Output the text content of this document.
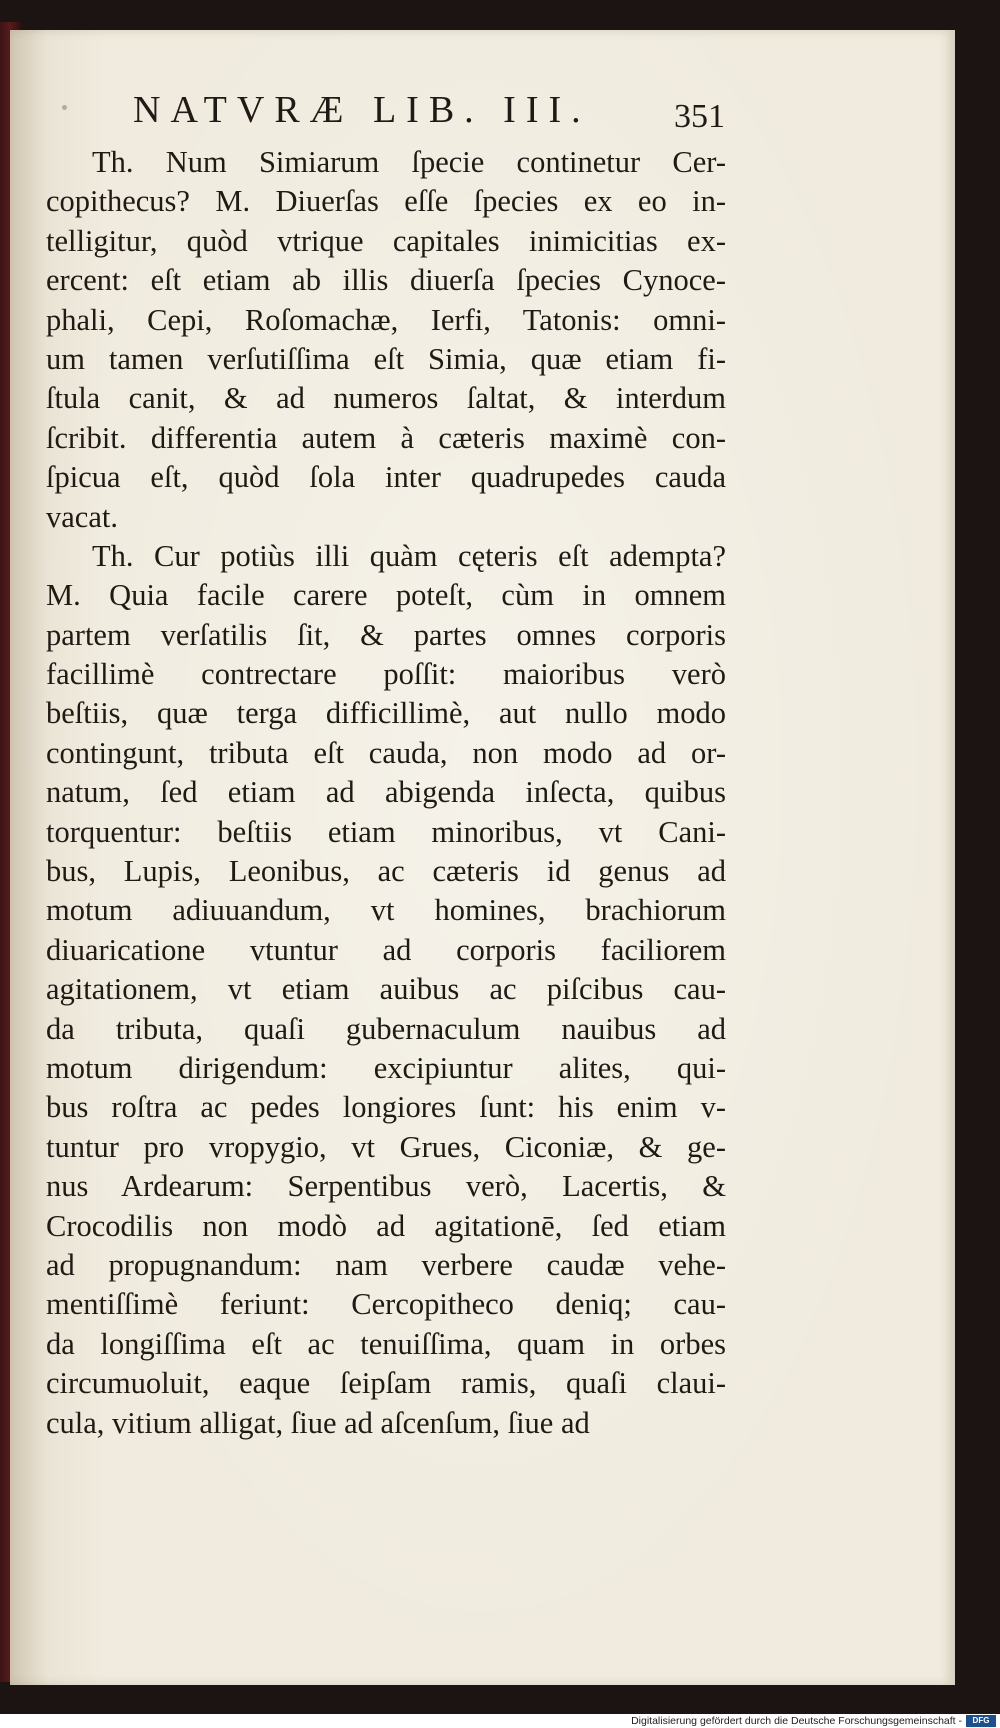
NATVRÆ LIB. III.	351
Th. Num Simiarum ſpecie continetur Cer-
copithecus? M. Diuerſas eſſe ſpecies ex eo in-
telligitur, quòd vtrique capitales inimicitias ex-
ercent: eſt etiam ab illis diuerſa ſpecies Cynoce-
phali, Cepi, Roſomachæ, Ierfi, Tatonis: omni-
um tamen verſutiſſima eſt Simia, quæ etiam fi-
ſtula canit, & ad numeros ſaltat, & interdum
ſcribit. differentia autem à cæteris maximè con-
ſpicua eſt, quòd ſola inter quadrupedes cauda
vacat.
Th. Cur potiùs illi quàm cęteris eſt adempta?
M. Quia facile carere poteſt, cùm in omnem
partem verſatilis ſit, & partes omnes corporis
facillimè contrectare poſſit: maioribus verò
beſtiis, quæ terga difficillimè, aut nullo modo
contingunt, tributa eſt cauda, non modo ad or-
natum, ſed etiam ad abigenda inſecta, quibus
torquentur: beſtiis etiam minoribus, vt Cani-
bus, Lupis, Leonibus, ac cæteris id genus ad
motum adiuuandum, vt homines, brachiorum
diuaricatione vtuntur ad corporis faciliorem
agitationem, vt etiam auibus ac piſcibus cau-
da tributa, quaſi gubernaculum nauibus ad
motum dirigendum: excipiuntur alites, qui-
bus roſtra ac pedes longiores ſunt: his enim v-
tuntur pro vropygio, vt Grues, Ciconiæ, & ge-
nus Ardearum: Serpentibus verò, Lacertis, &
Crocodilis non modò ad agitationē, ſed etiam
ad propugnandum: nam verbere caudæ vehe-
mentiſſimè feriunt: Cercopitheco deniq; cau-
da longiſſima eſt ac tenuiſſima, quam in orbes
circumuoluit, eaque ſeipſam ramis, quaſi claui-
cula, vitium alligat, ſiue ad aſcenſum, ſiue ad
Digitalisierung gefördert durch die Deutsche Forschungsgemeinschaft -	DFG
